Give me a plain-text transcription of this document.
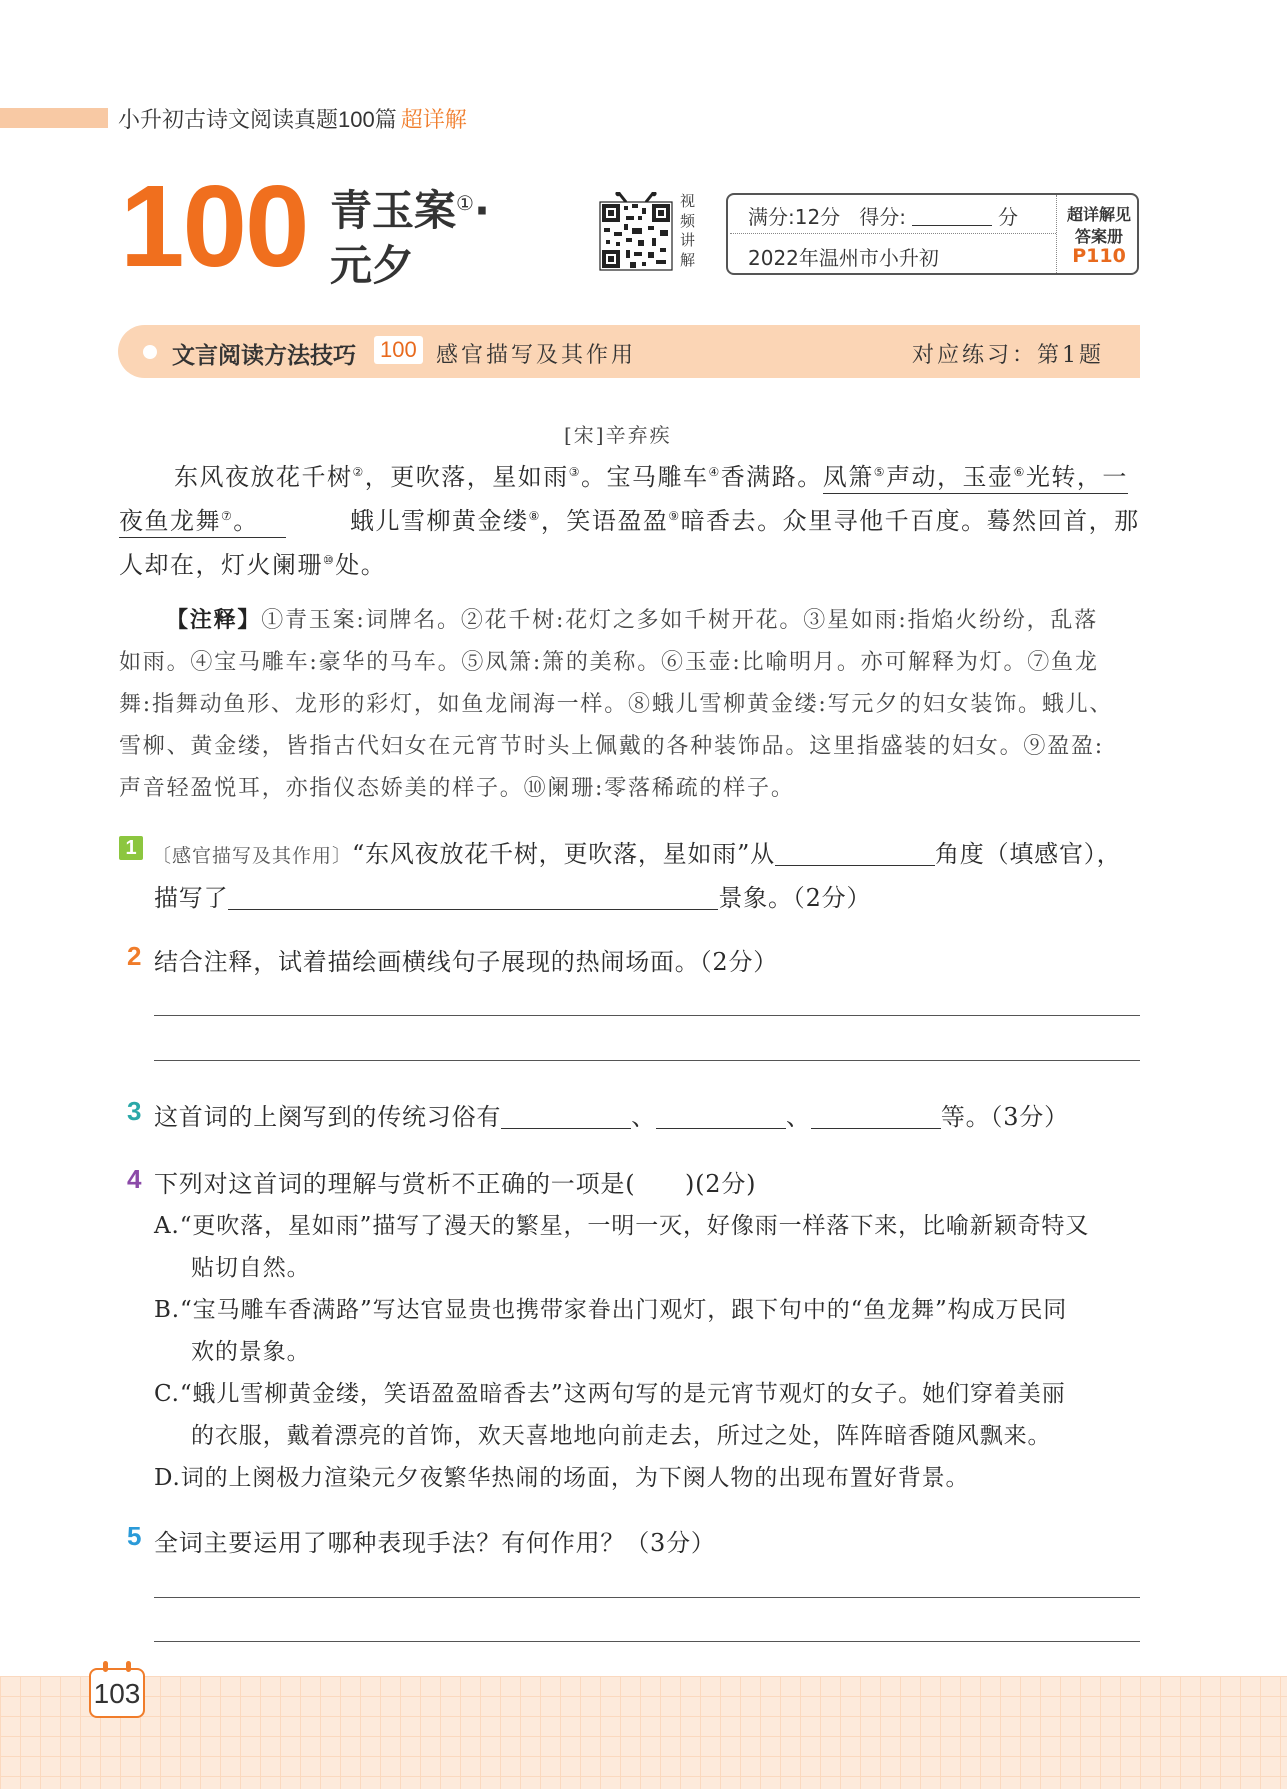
小升初古诗文阅读真题100篇 超详解
100 青玉案①·
元夕
视频讲解
满分:12分 得分:	分
2022年温州市小升初
超详解见
答案册
P110
文言阅读方法技巧 100 感官描写及其作用	对应练习：第1题
[宋]辛弃疾
东风夜放花千树②，更吹落，星如雨③。宝马雕车④香满路。凤箫⑤声动，玉壶⑥光转，一
夜鱼龙舞⑦。	蛾儿雪柳黄金缕⑧，笑语盈盈⑨暗香去。众里寻他千百度。蓦然回首，那
人却在，灯火阑珊⑩处。
【注释】①青玉案:词牌名。②花千树:花灯之多如千树开花。③星如雨:指焰火纷纷，乱落
如雨。④宝马雕车:豪华的马车。⑤凤箫:箫的美称。⑥玉壶:比喻明月。亦可解释为灯。⑦鱼龙
舞:指舞动鱼形、龙形的彩灯，如鱼龙闹海一样。⑧蛾儿雪柳黄金缕:写元夕的妇女装饰。蛾儿、
雪柳、黄金缕，皆指古代妇女在元宵节时头上佩戴的各种装饰品。这里指盛装的妇女。⑨盈盈:
声音轻盈悦耳，亦指仪态娇美的样子。⑩阑珊:零落稀疏的样子。
1 〔感官描写及其作用〕“东风夜放花千树，更吹落，星如雨”从	角度（填感官），
描写了	景象。（2分）
2 结合注释，试着描绘画横线句子展现的热闹场面。（2分）
3 这首词的上阕写到的传统习俗有	、	、	等。（3分）
4 下列对这首词的理解与赏析不正确的一项是(　　)(2分)
A.“更吹落，星如雨”描写了漫天的繁星，一明一灭，好像雨一样落下来，比喻新颖奇特又
贴切自然。
B.“宝马雕车香满路”写达官显贵也携带家眷出门观灯，跟下句中的“鱼龙舞”构成万民同
欢的景象。
C.“蛾儿雪柳黄金缕，笑语盈盈暗香去”这两句写的是元宵节观灯的女子。她们穿着美丽
的衣服，戴着漂亮的首饰，欢天喜地地向前走去，所过之处，阵阵暗香随风飘来。
D.词的上阕极力渲染元夕夜繁华热闹的场面，为下阕人物的出现布置好背景。
5 全词主要运用了哪种表现手法？有何作用？（3分）
103
